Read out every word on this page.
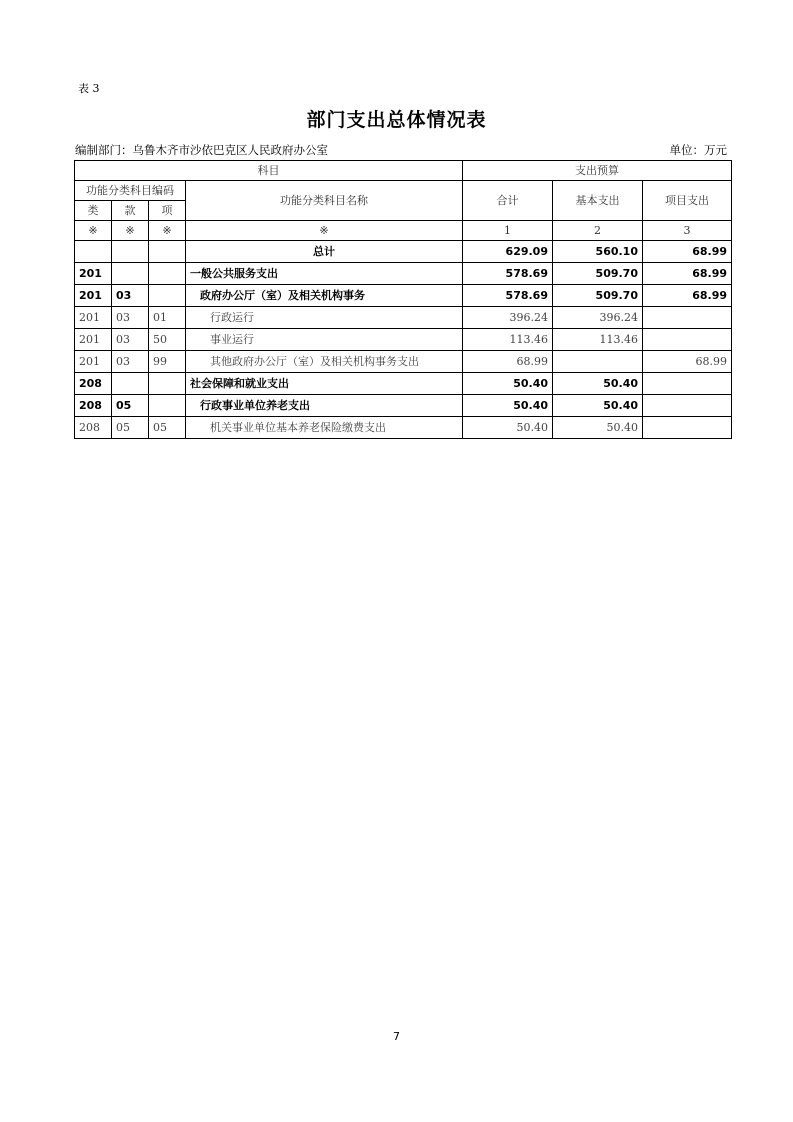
表 3
部门支出总体情况表
编制部门：乌鲁木齐市沙依巴克区人民政府办公室	单位：万元
科目				支出预算		
功能分类科目编码			功能分类科目名称	合计	基本支出	项目支出
类	款	项				
※	※	※	※	1	2	3
			总计	629.09	560.10	68.99
201			一般公共服务支出	578.69	509.70	68.99
201	03		政府办公厅（室）及相关机构事务	578.69	509.70	68.99
201	03	01	行政运行	396.24	396.24	
201	03	50	事业运行	113.46	113.46	
201	03	99	其他政府办公厅（室）及相关机构事务支出	68.99		68.99
208			社会保障和就业支出	50.40	50.40	
208	05		行政事业单位养老支出	50.40	50.40	
208	05	05	机关事业单位基本养老保险缴费支出	50.40	50.40	
7
